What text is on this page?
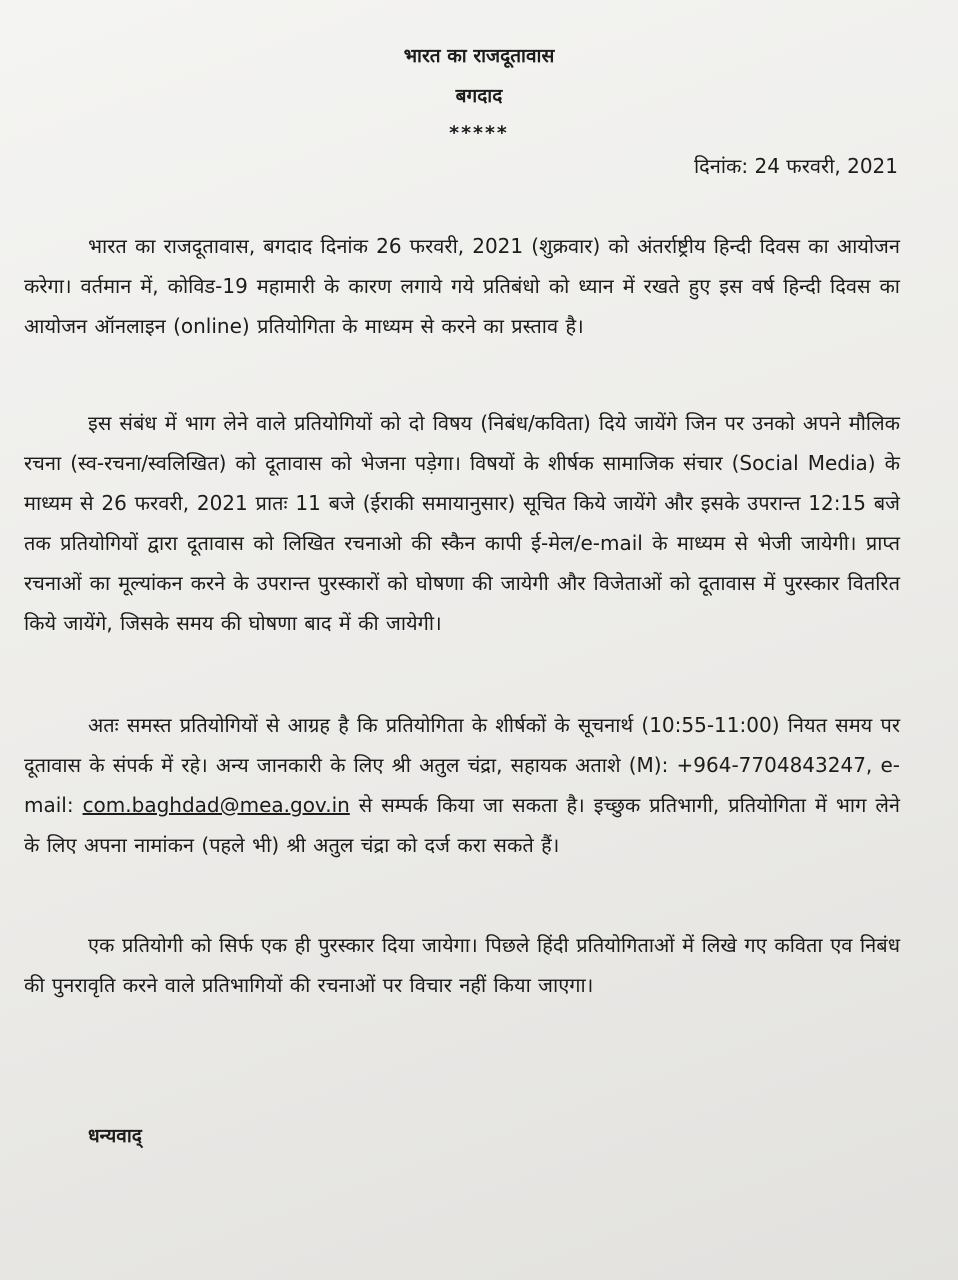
भारत का राजदूतावास

बगदाद

*****

दिनांक: 24 फरवरी, 2021

भारत का राजदूतावास, बगदाद दिनांक 26 फरवरी, 2021 (शुक्रवार) को अंतर्राष्ट्रीय हिन्दी दिवस का आयोजन करेगा। वर्तमान में, कोविड-19 महामारी के कारण लगाये गये प्रतिबंधो को ध्यान में रखते हुए इस वर्ष हिन्दी दिवस का आयोजन ऑनलाइन (online) प्रतियोगिता के माध्यम से करने का प्रस्ताव है।

इस संबंध में भाग लेने वाले प्रतियोगियों को दो विषय (निबंध/कविता) दिये जायेंगे जिन पर उनको अपने मौलिक रचना (स्व-रचना/स्वलिखित) को दूतावास को भेजना पड़ेगा। विषयों के शीर्षक सामाजिक संचार (Social Media) के माध्यम से 26 फरवरी, 2021 प्रातः 11 बजे (ईराकी समायानुसार) सूचित किये जायेंगे और इसके उपरान्त 12:15 बजे तक प्रतियोगियों द्वारा दूतावास को लिखित रचनाओ की स्कैन कापी ई-मेल/e-mail के माध्यम से भेजी जायेगी। प्राप्त रचनाओं का मूल्यांकन करने के उपरान्त पुरस्कारों को घोषणा की जायेगी और विजेताओं को दूतावास में पुरस्कार वितरित किये जायेंगे, जिसके समय की घोषणा बाद में की जायेगी।

अतः समस्त प्रतियोगियों से आग्रह है कि प्रतियोगिता के शीर्षकों के सूचनार्थ (10:55-11:00) नियत समय पर दूतावास के संपर्क में रहे। अन्य जानकारी के लिए श्री अतुल चंद्रा, सहायक अताशे (M): +964-7704843247, e-mail: com.baghdad@mea.gov.in से सम्पर्क किया जा सकता है। इच्छुक प्रतिभागी, प्रतियोगिता में भाग लेने के लिए अपना नामांकन (पहले भी) श्री अतुल चंद्रा को दर्ज करा सकते हैं।

एक प्रतियोगी को सिर्फ एक ही पुरस्कार दिया जायेगा। पिछले हिंदी प्रतियोगिताओं में लिखे गए कविता एव निबंध की पुनरावृति करने वाले प्रतिभागियों की रचनाओं पर विचार नहीं किया जाएगा।

धन्यवाद्
